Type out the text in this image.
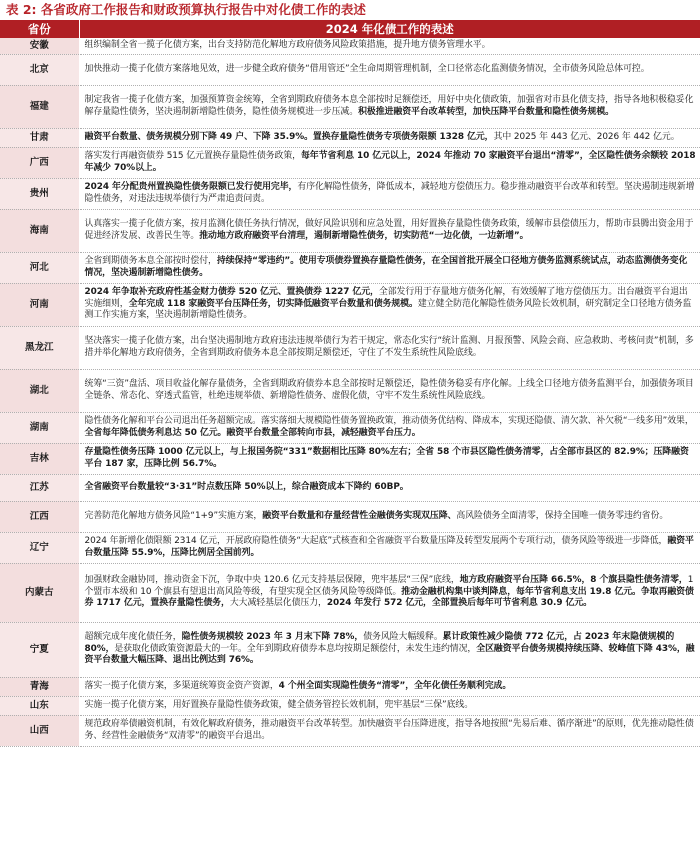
表 2: 各省政府工作报告和财政预算执行报告中对化债工作的表述
省份	2024 年化债工作的表述
安徽	组织编制全省一揽子化债方案，出台支持防范化解地方政府债务风险政策措施，提升地方债务管理水平。
北京	加快推动一揽子化债方案落地见效，进一步健全政府债务“借用管还”全生命周期管理机制，全口径常态化监测债务情况，全市债务风险总体可控。
福建	制定我省一揽子化债方案，加强预算资金统筹，全省到期政府债务本息全部按时足额偿还，用好中央化债政策，加强省对市县化债支持，指导各地积极稳妥化解存量隐性债务，坚决遏制新增隐性债务，隐性债务规模进一步压减。积极推进融资平台改革转型，加快压降平台数量和隐性债务规模。
甘肃	融资平台数量、债务规模分别下降 49 户、下降 35.9%。置换存量隐性债务专项债务限额 1328 亿元，其中 2025 年 443 亿元、2026 年 442 亿元。
广西	落实发行再融资债券 515 亿元置换存量隐性债务政策，每年节省利息 10 亿元以上，2024 年推动 70 家融资平台退出“清零”，全区隐性债务余额较 2018 年减少 70%以上。
贵州	2024 年分配贵州置换隐性债务限额已发行使用完毕，有序化解隐性债务，降低成本，减轻地方偿债压力。稳步推动融资平台改革和转型。坚决遏制违规新增隐性债务，对违法违规举债行为严肃追责问责。
海南	认真落实一揽子化债方案，按月监测化债任务执行情况，做好风险识别和应急处置，用好置换存量隐性债务政策，缓解市县偿债压力，帮助市县腾出资金用于促进经济发展、改善民生等。推动地方政府融资平台清理，遏制新增隐性债务，切实防范“一边化债，一边新增”。
河北	全省到期债务本息全部按时偿付，持续保持“零违约”。使用专项债券置换存量隐性债务，在全国首批开展全口径地方债务监测系统试点，动态监测债务变化情况，坚决遏制新增隐性债务。
河南	2024 年争取补充政府性基金财力债券 520 亿元、置换债券 1227 亿元，全部发行用于存量地方债务化解，有效缓解了地方偿债压力。出台融资平台退出实施细则，全年完成 118 家融资平台压降任务，切实降低融资平台数量和债务规模。建立健全防范化解隐性债务风险长效机制，研究制定全口径地方债务监测工作实施方案，坚决遏制新增隐性债务。
黑龙江	坚决落实一揽子化债方案，出台坚决遏制地方政府违法违规举债行为若干规定，常态化实行“统计监测、月报预警、风险会商、应急救助、考核问责”机制，多措并举化解地方政府债务，全省到期政府债务本息全部按期足额偿还，守住了不发生系统性风险底线。
湖北	统筹“三资”盘活、项目收益化解存量债务，全省到期政府债券本息全部按时足额偿还，隐性债务稳妥有序化解。上线全口径地方债务监测平台，加强债务项目全链条、常态化、穿透式监管，杜绝违规举债、新增隐性债务、虚假化债，守牢不发生系统性风险底线。
湖南	隐性债务化解和平台公司退出任务超额完成。落实落细大规模隐性债务置换政策，推动债务优结构、降成本，实现还隐债、清欠款、补欠税“一线多用”效果，全省每年降低债务利息达 50 亿元。融资平台数量全部转向市县，减轻融资平台压力。
吉林	存量隐性债务压降 1000 亿元以上，与上报国务院“331”数据相比压降 80%左右；全省 58 个市县区隐性债务清零，占全部市县区的 82.9%；压降融资平台 187 家，压降比例 56.7%。
江苏	全省融资平台数量较“3·31”时点数压降 50%以上，综合融资成本下降约 60BP。
江西	完善防范化解地方债务风险“1+9”实施方案，融资平台数量和存量经营性金融债务实现双压降、高风险债务全面清零，保持全国唯一债务零违约省份。
辽宁	2024 年新增化债限额 2314 亿元，开展政府隐性债务“大起底”式核查和全省融资平台数量压降及转型发展两个专项行动，债务风险等级进一步降低，融资平台数量压降 55.9%，压降比例居全国前列。
内蒙古	加强财政金融协同，推动资金下沉，争取中央 120.6 亿元支持基层保障，兜牢基层“三保”底线，地方政府融资平台压降 66.5%，8 个旗县隐性债务清零，1 个盟市本级和 10 个旗县有望退出高风险等级，有望实现全区债务风险等级降低。推动金融机构集中谈判降息，每年节省利息支出 19.8 亿元。争取再融资债券 1717 亿元，置换存量隐性债务，大大减轻基层化债压力，2024 年发行 572 亿元，全部置换后每年可节省利息 30.9 亿元。
宁夏	超额完成年度化债任务，隐性债务规模较 2023 年 3 月末下降 78%，债务风险大幅缓释。累计政策性减少隐债 772 亿元，占 2023 年末隐债规模的 80%，是获取化债政策资源最大的一年。全年到期政府债券本息均按期足额偿付，未发生违约情况，全区融资平台债务规模持续压降、较峰值下降 43%，融资平台数量大幅压降、退出比例达到 76%。
青海	落实一揽子化债方案，多渠道统筹资金资产资源，4 个州全面实现隐性债务“清零”，全年化债任务顺利完成。
山东	实施一揽子化债方案，用好置换存量隐性债务政策，健全债务管控长效机制，兜牢基层“三保”底线。
山西	规范政府举债融资机制，有效化解政府债务，推动融资平台改革转型。加快融资平台压降进度，指导各地按照“先易后难、循序渐进”的原则，优先推动隐性债务、经营性金融债务“双清零”的融资平台退出。
